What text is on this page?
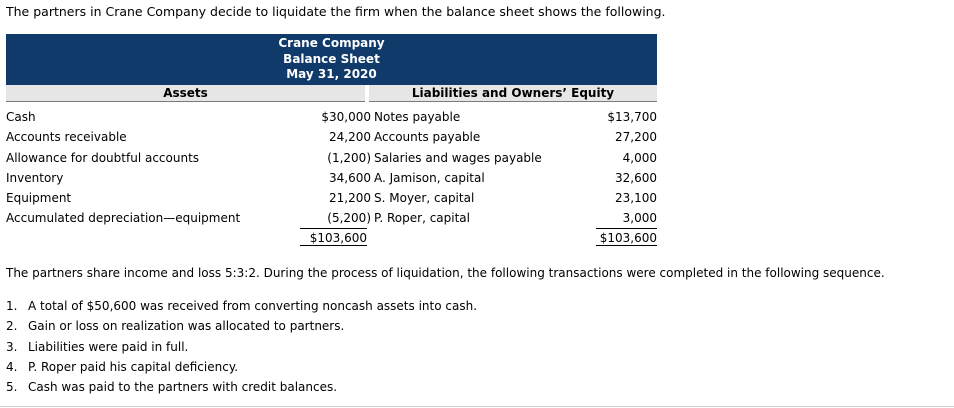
The partners in Crane Company decide to liquidate the firm when the balance sheet shows the following.
Crane Company
Balance Sheet
May 31, 2020
Assets	Liabilities and Owners’ Equity
Cash	$30,000 Notes payable	$13,700
Accounts receivable	24,200 Accounts payable	27,200
Allowance for doubtful accounts	(1,200) Salaries and wages payable	4,000
Inventory	34,600 A. Jamison, capital	32,600
Equipment	21,200 S. Moyer, capital	23,100
Accumulated depreciation—equipment	(5,200) P. Roper, capital	3,000
$103,600	$103,600
The partners share income and loss 5:3:2. During the process of liquidation, the following transactions were completed in the following sequence.
1. A total of $50,600 was received from converting noncash assets into cash.
2. Gain or loss on realization was allocated to partners.
3. Liabilities were paid in full.
4. P. Roper paid his capital deficiency.
5. Cash was paid to the partners with credit balances.
